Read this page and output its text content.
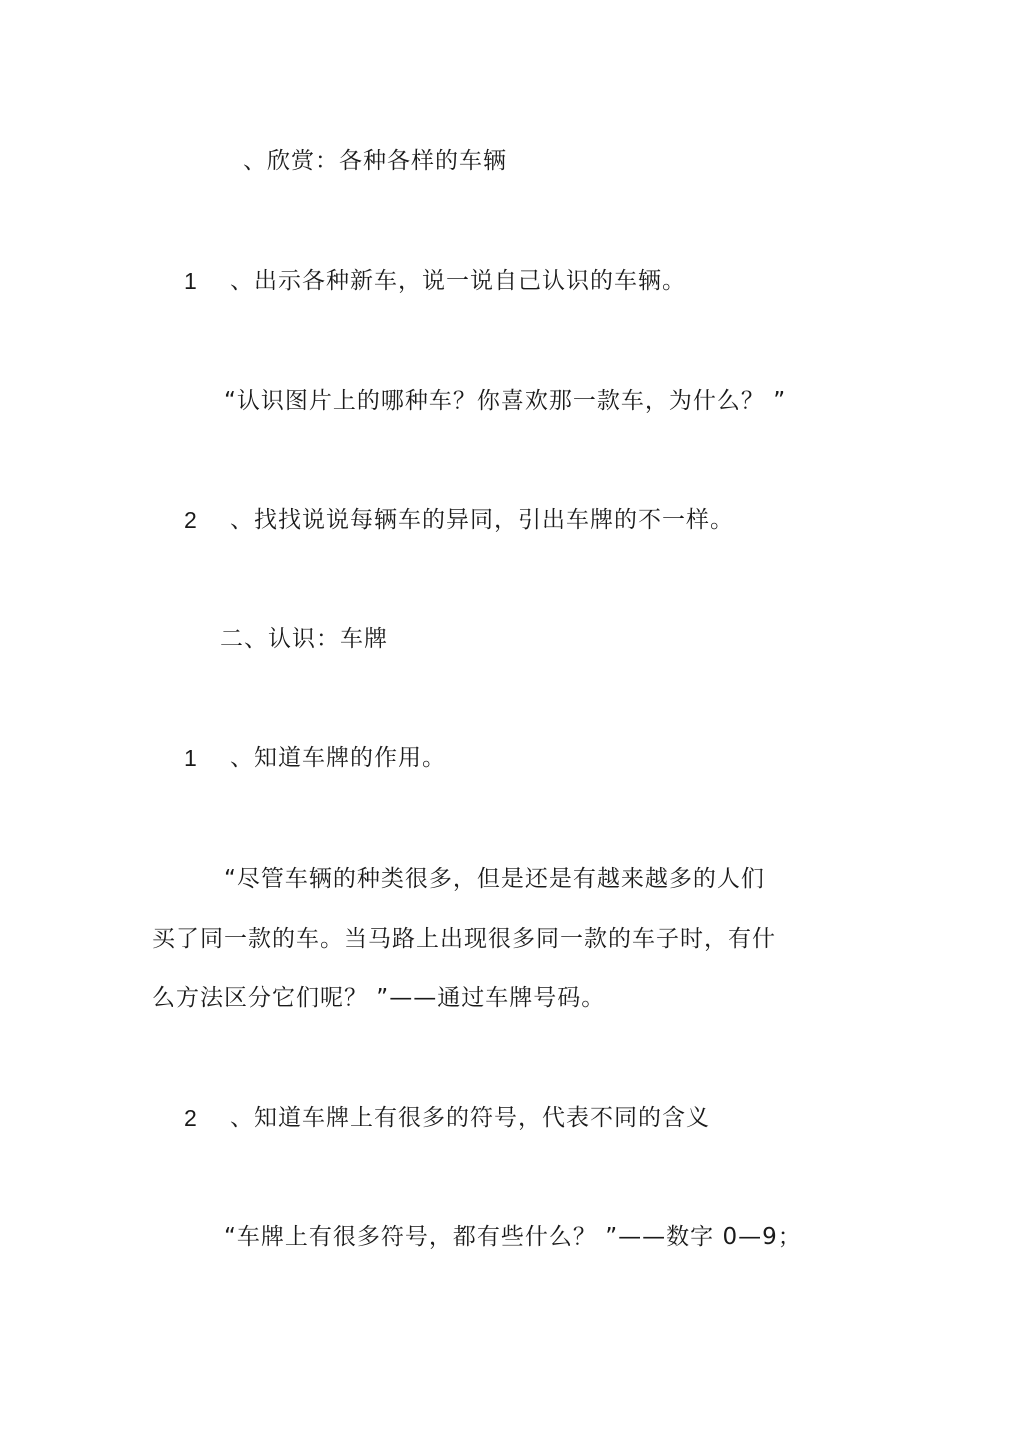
、欣赏：各种各样的车辆
1 、出示各种新车，说一说自己认识的车辆。
“认识图片上的哪种车？你喜欢那一款车，为什么？ ”
2 、找找说说每辆车的异同，引出车牌的不一样。
二、认识：车牌
1 、知道车牌的作用。
“尽管车辆的种类很多，但是还是有越来越多的人们
买了同一款的车。当马路上出现很多同一款的车子时，有什
么方法区分它们呢？ ”——通过车牌号码。
2 、知道车牌上有很多的符号，代表不同的含义
“车牌上有很多符号，都有些什么？ ”——数字 0—9；
